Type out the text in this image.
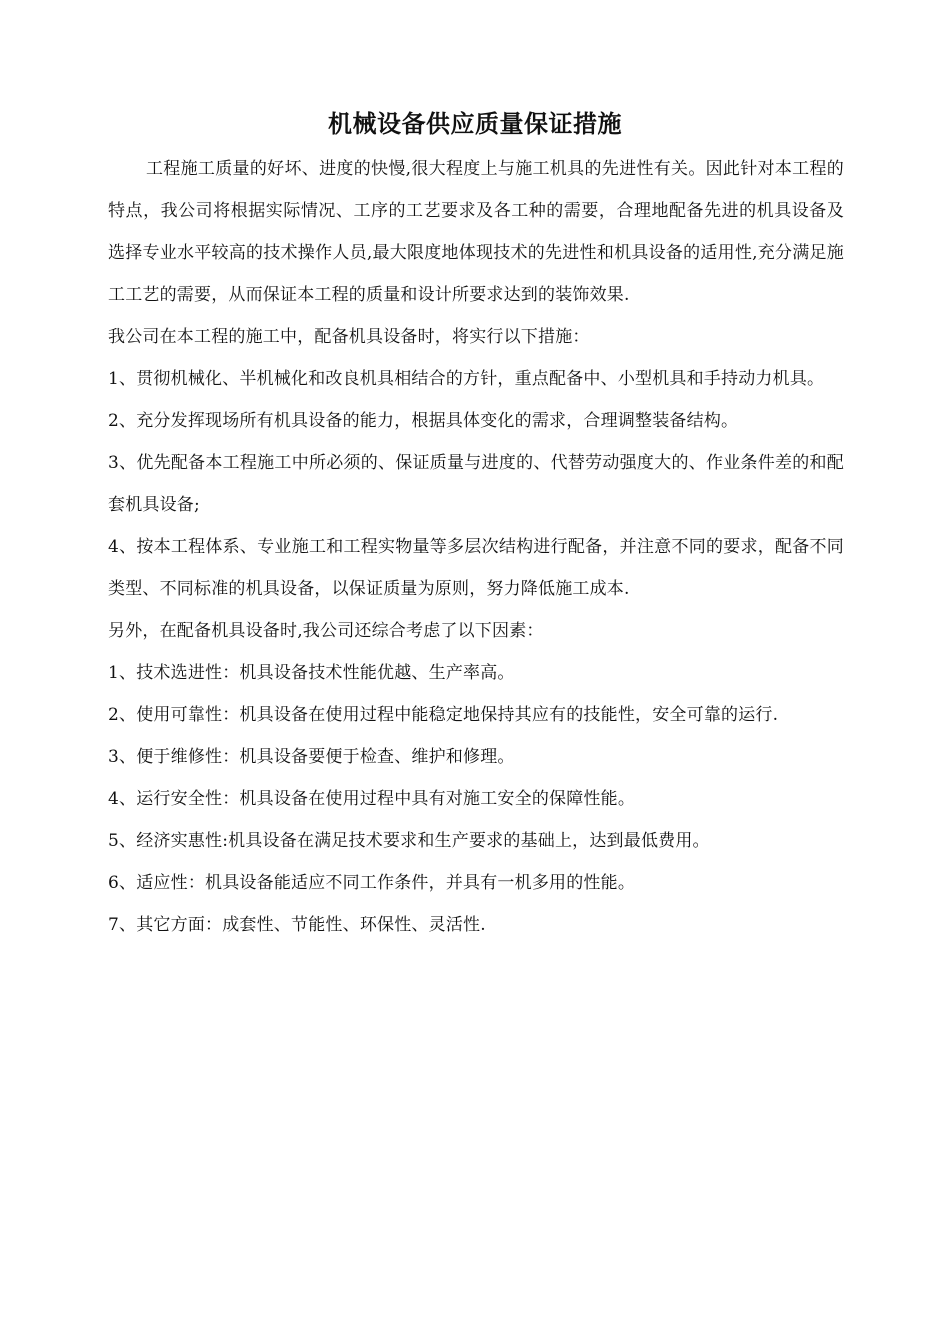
机械设备供应质量保证措施

工程施工质量的好坏、进度的快慢,很大程度上与施工机具的先进性有关。因此针对本工程的特点，我公司将根据实际情况、工序的工艺要求及各工种的需要，合理地配备先进的机具设备及选择专业水平较高的技术操作人员,最大限度地体现技术的先进性和机具设备的适用性,充分满足施工工艺的需要，从而保证本工程的质量和设计所要求达到的装饰效果.

我公司在本工程的施工中，配备机具设备时，将实行以下措施：

1、贯彻机械化、半机械化和改良机具相结合的方针，重点配备中、小型机具和手持动力机具。

2、充分发挥现场所有机具设备的能力，根据具体变化的需求，合理调整装备结构。

3、优先配备本工程施工中所必须的、保证质量与进度的、代替劳动强度大的、作业条件差的和配套机具设备;

4、按本工程体系、专业施工和工程实物量等多层次结构进行配备，并注意不同的要求，配备不同类型、不同标准的机具设备，以保证质量为原则，努力降低施工成本.

另外，在配备机具设备时,我公司还综合考虑了以下因素：

1、技术选进性：机具设备技术性能优越、生产率高。

2、使用可靠性：机具设备在使用过程中能稳定地保持其应有的技能性，安全可靠的运行.

3、便于维修性：机具设备要便于检查、维护和修理。

4、运行安全性：机具设备在使用过程中具有对施工安全的保障性能。

5、经济实惠性:机具设备在满足技术要求和生产要求的基础上，达到最低费用。

6、适应性：机具设备能适应不同工作条件，并具有一机多用的性能。

7、其它方面：成套性、节能性、环保性、灵活性.
